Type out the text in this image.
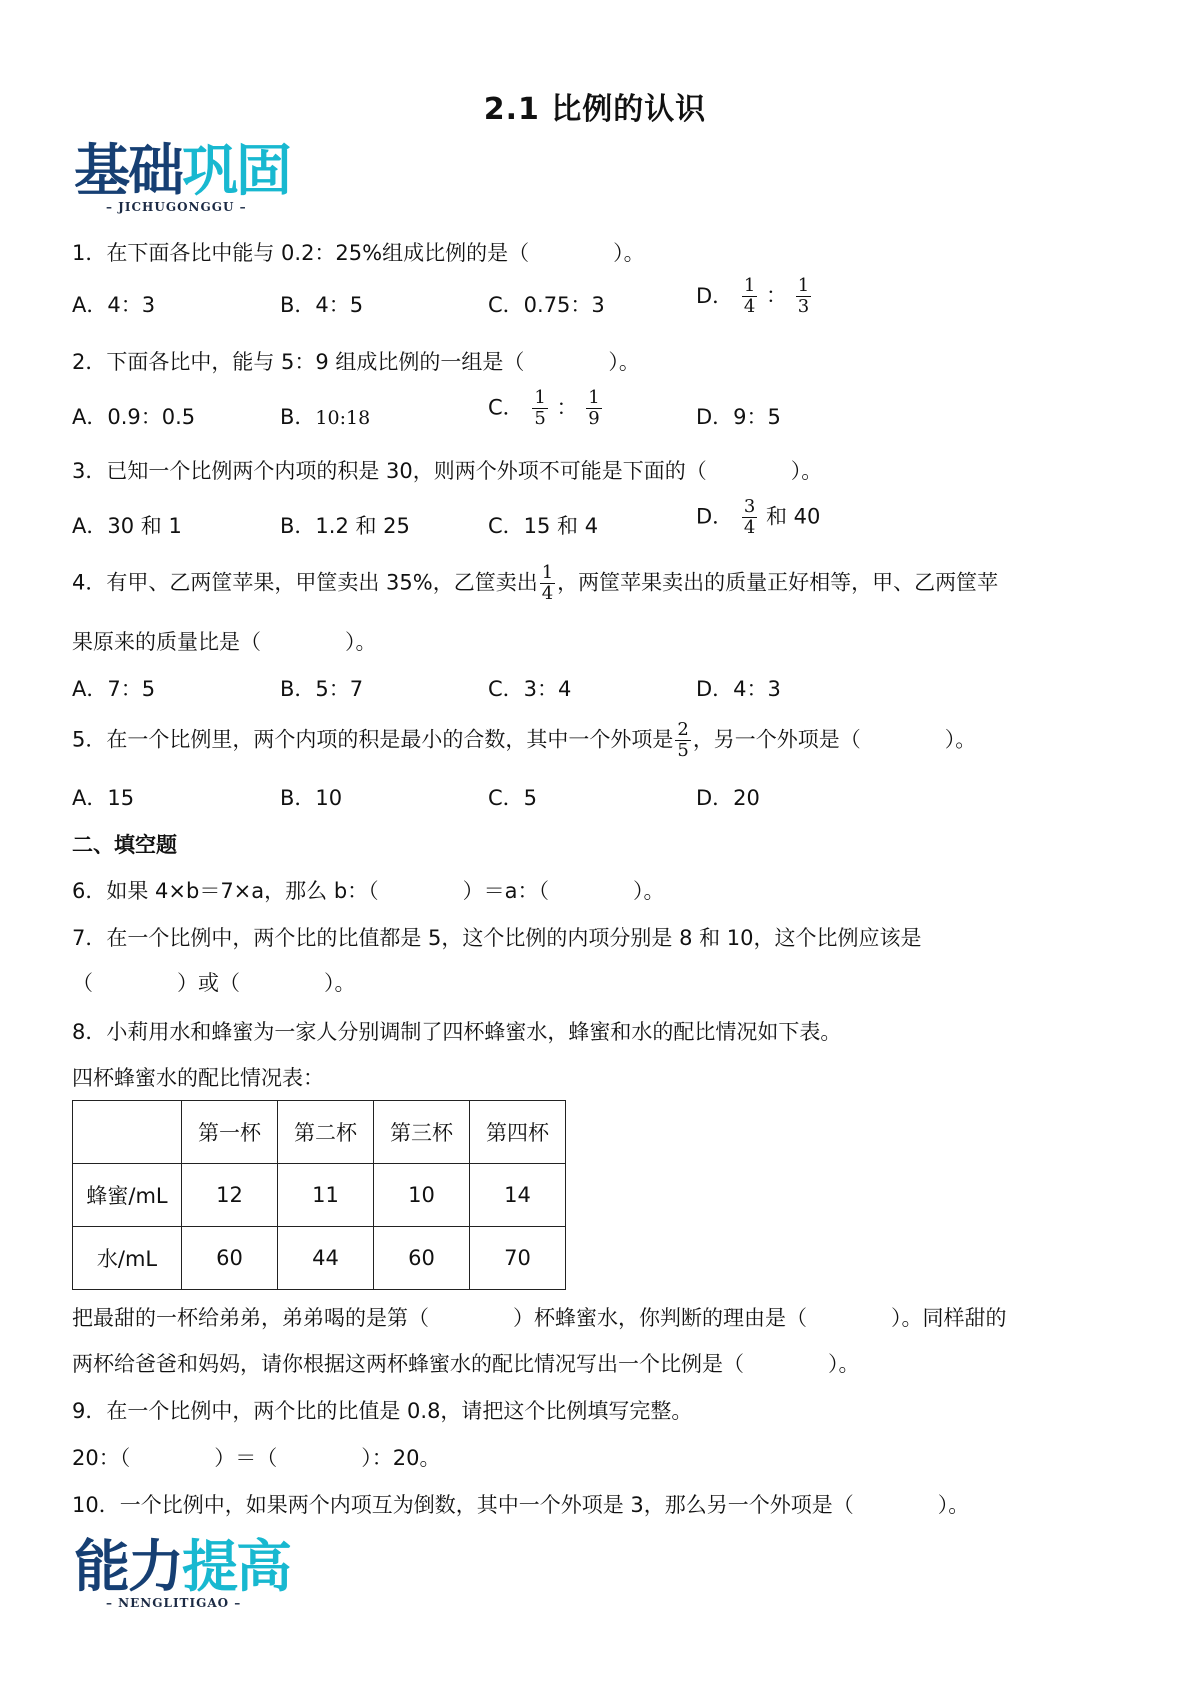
2.1 比例的认识
基础巩固
– JICHUGONGGU –
1．在下面各比中能与 0.2：25%组成比例的是（　　　　）。
A．4：3	B．4：5	C．0.75：3	D． $\frac{1}{4}$ ： $\frac{1}{3}$
2．下面各比中，能与 5：9 组成比例的一组是（　　　　）。
A．0.9：0.5	B．10:18	C． $\frac{1}{5}$ ： $\frac{1}{9}$	D．9：5
3．已知一个比例两个内项的积是 30，则两个外项不可能是下面的（　　　　）。
A．30 和 1	B．1.2 和 25	C．15 和 4	D． $\frac{3}{4}$ 和 40
4．有甲、乙两筐苹果，甲筐卖出 35%，乙筐卖出 $\frac{1}{4}$ ，两筐苹果卖出的质量正好相等，甲、乙两筐苹
果原来的质量比是（　　　　）。
A．7：5	B．5：7	C．3：4	D．4：3
5．在一个比例里，两个内项的积是最小的合数，其中一个外项是 $\frac{2}{5}$ ，另一个外项是（　　　　）。
A．15	B．10	C．5	D．20
二、填空题
6．如果 4×b＝7×a，那么 b：（　　　　）＝a：（　　　　）。
7．在一个比例中，两个比的比值都是 5，这个比例的内项分别是 8 和 10，这个比例应该是
（　　　　）或（　　　　）。
8．小莉用水和蜂蜜为一家人分别调制了四杯蜂蜜水，蜂蜜和水的配比情况如下表。
四杯蜂蜜水的配比情况表：
	第一杯	第二杯	第三杯	第四杯
蜂蜜/mL	12	11	10	14
水/mL	60	44	60	70
把最甜的一杯给弟弟，弟弟喝的是第（　　　　）杯蜂蜜水，你判断的理由是（　　　　）。同样甜的
两杯给爸爸和妈妈，请你根据这两杯蜂蜜水的配比情况写出一个比例是（　　　　）。
9．在一个比例中，两个比的比值是 0.8，请把这个比例填写完整。
20：（　　　　）＝（　　　　）：20。
10．一个比例中，如果两个内项互为倒数，其中一个外项是 3，那么另一个外项是（　　　　）。
能力提高
– NENGLITIGAO –
